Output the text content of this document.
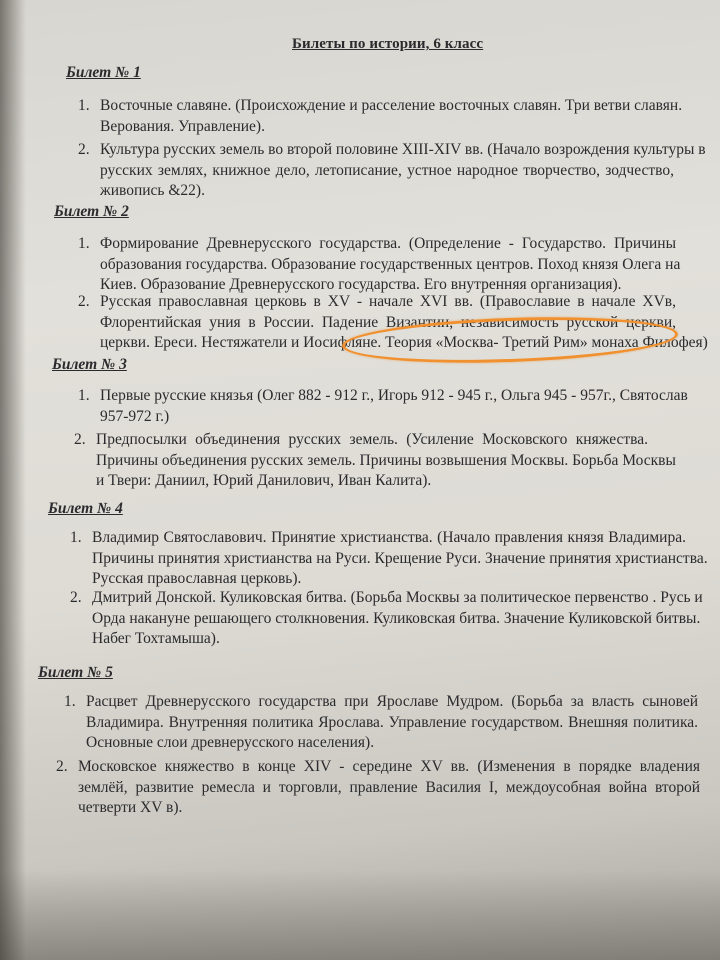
Билеты по истории, 6 класс
Билет № 1
1. Восточные славяне. (Происхождение и расселение восточных славян. Три ветви славян.
Верования. Управление).
2. Культура русских земель во второй половине XIII-XIV вв. (Начало возрождения культуры в
русских землях, книжное дело, летописание, устное народное творчество, зодчество,
живопись &22).
Билет № 2
1. Формирование Древнерусского государства. (Определение - Государство. Причины
образования государства. Образование государственных центров. Поход князя Олега на
Киев. Образование Древнерусского государства. Его внутренняя организация).
2. Русская православная церковь в XV - начале XVI вв. (Православие в начале XVв,
Флорентийская уния в России. Падение Византии, независимость русской церкви,
церкви. Ереси. Нестяжатели и Иосифляне. Теория «Москва- Третий Рим» монаха Филофея)
Билет № 3
1. Первые русские князья (Олег 882 - 912 г., Игорь 912 - 945 г., Ольга 945 - 957г., Святослав
957-972 г.)
2. Предпосылки объединения русских земель. (Усиление Московского княжества.
Причины объединения русских земель. Причины возвышения Москвы. Борьба Москвы
и Твери: Даниил, Юрий Данилович, Иван Калита).
Билет № 4
1. Владимир Святославович. Принятие христианства. (Начало правления князя Владимира.
Причины принятия христианства на Руси. Крещение Руси. Значение принятия христианства.
Русская православная церковь).
2. Дмитрий Донской. Куликовская битва. (Борьба Москвы за политическое первенство . Русь и
Орда накануне решающего столкновения. Куликовская битва. Значение Куликовской битвы.
Набег Тохтамыша).
Билет № 5
1. Расцвет Древнерусского государства при Ярославе Мудром. (Борьба за власть сыновей
Владимира. Внутренняя политика Ярослава. Управление государством. Внешняя политика.
Основные слои древнерусского населения).
2. Московское княжество в конце XIV - середине XV вв. (Изменения в порядке владения
землёй, развитие ремесла и торговли, правление Василия I, междоусобная война второй
четверти XV в).
